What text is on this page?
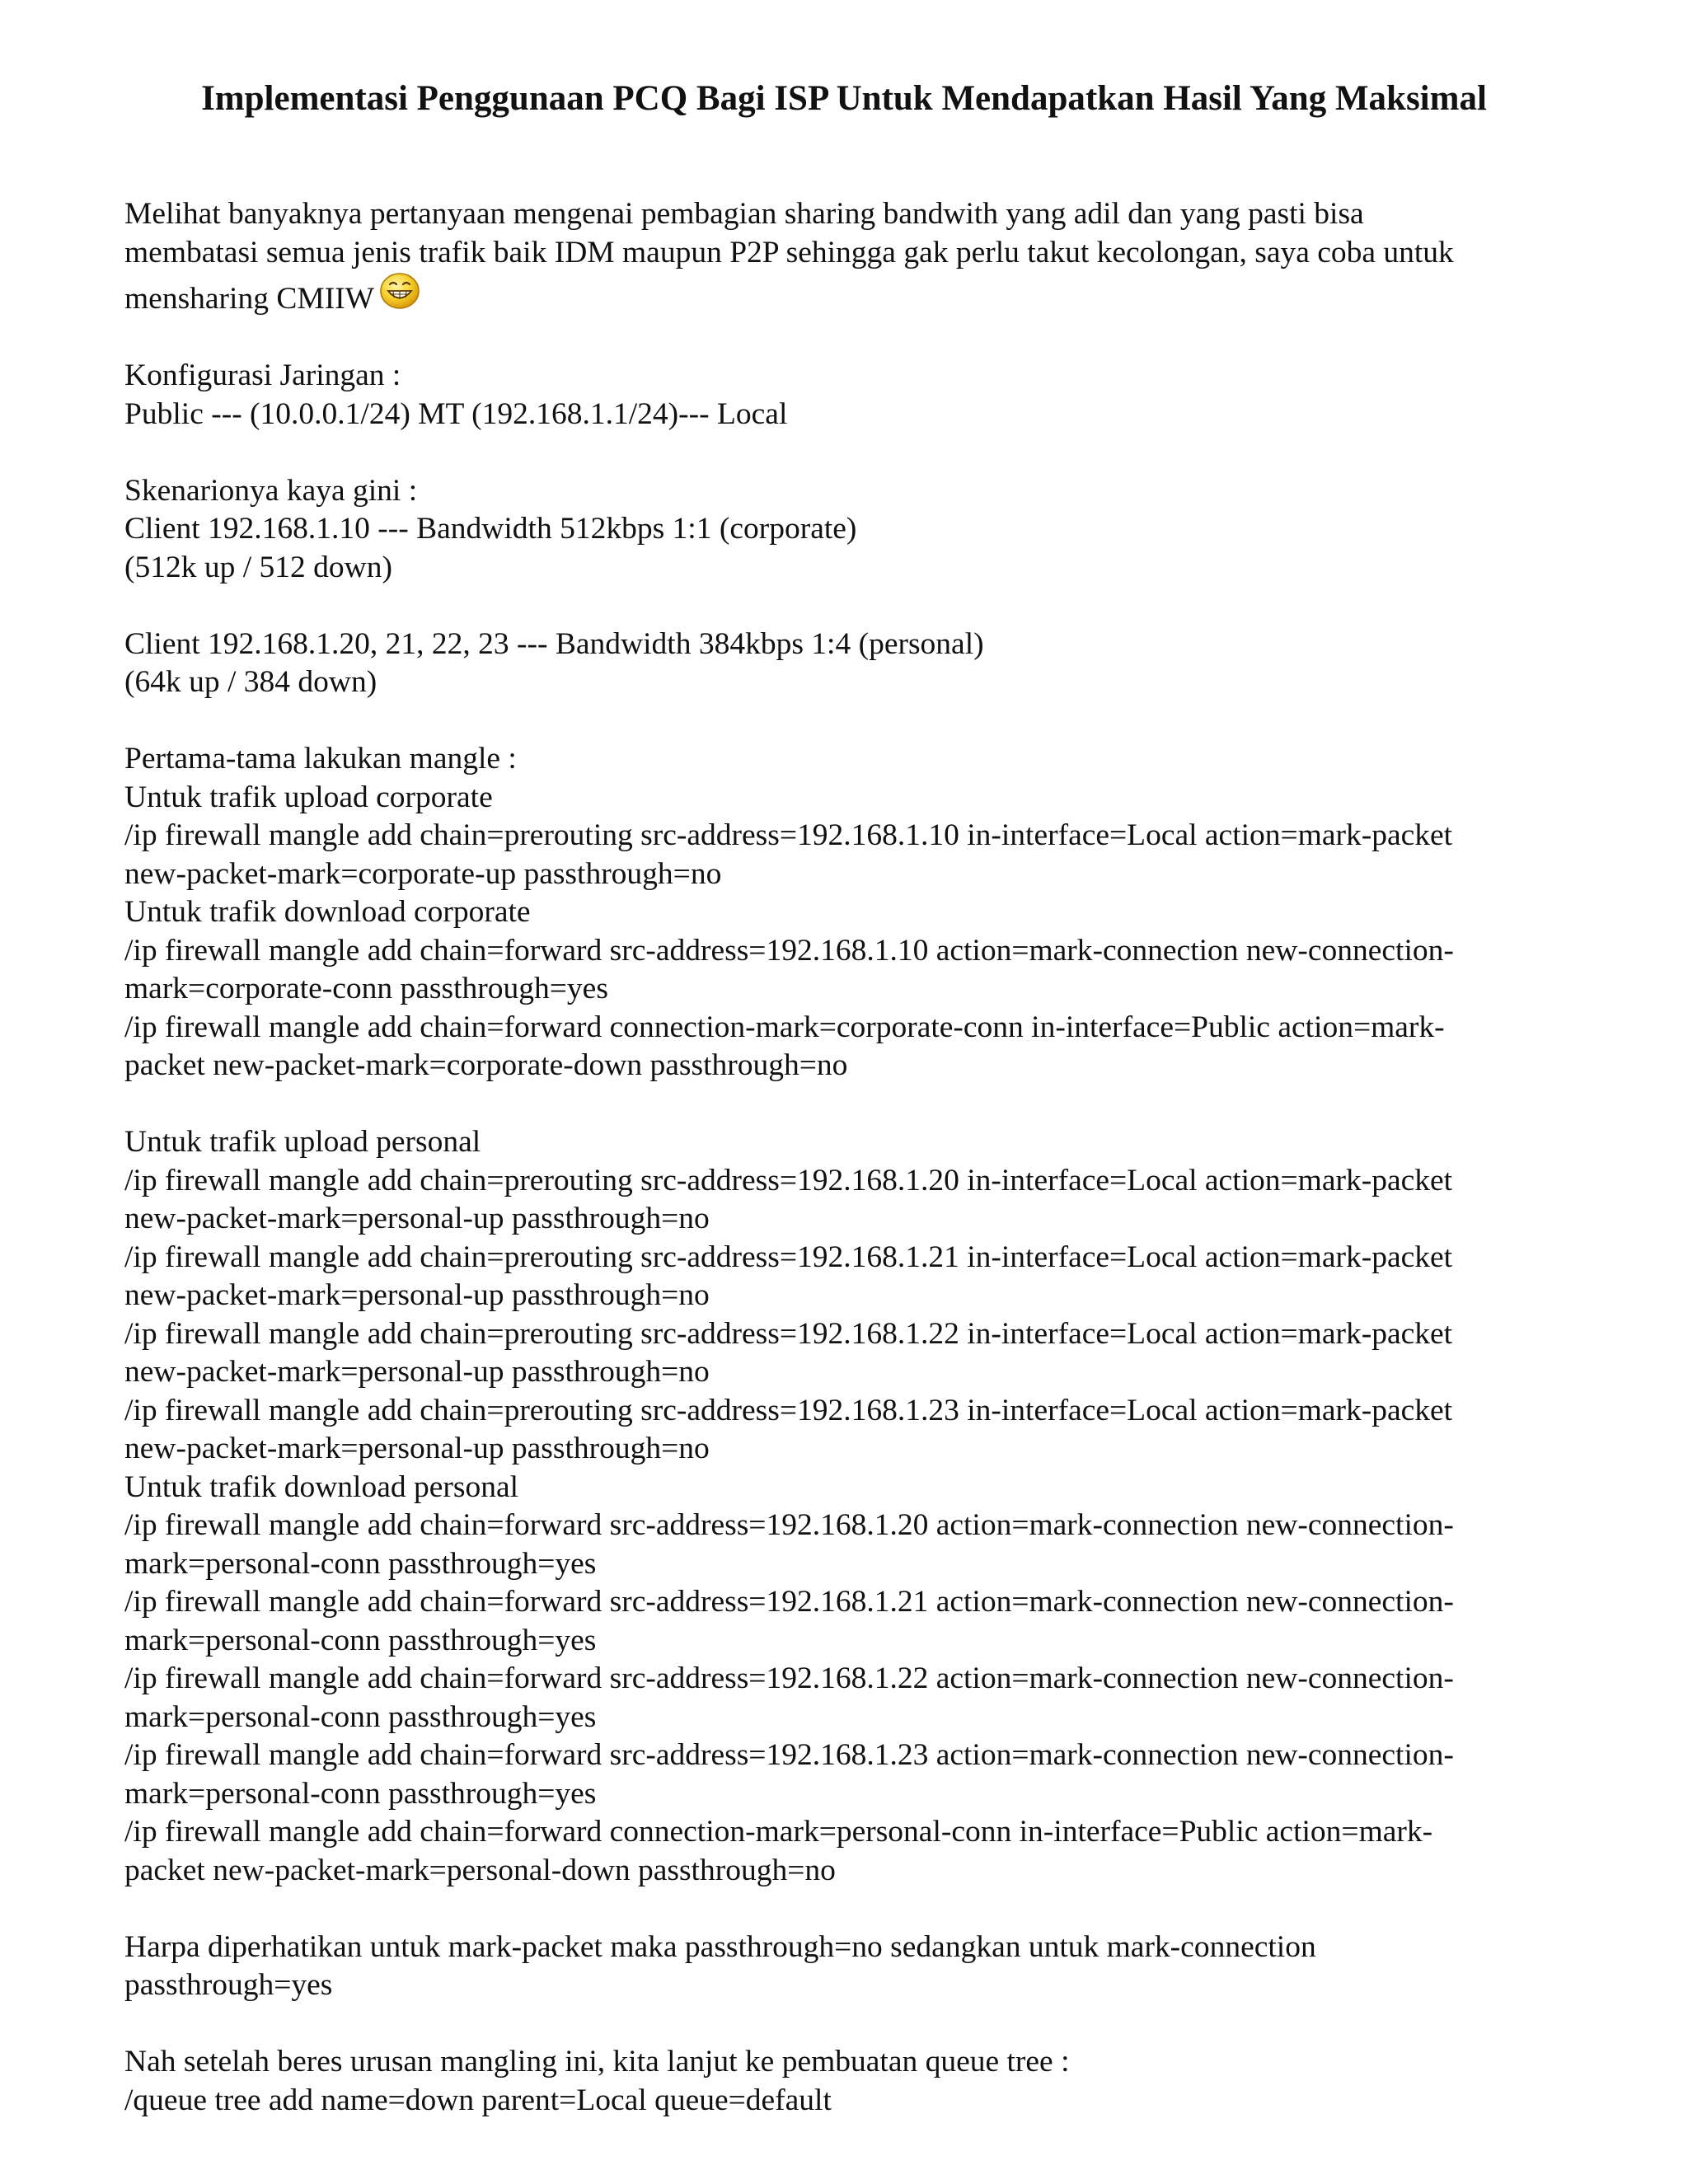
Implementasi Penggunaan PCQ Bagi ISP Untuk Mendapatkan Hasil Yang Maksimal

Melihat banyaknya pertanyaan mengenai pembagian sharing bandwith yang adil dan yang pasti bisa
membatasi semua jenis trafik baik IDM maupun P2P sehingga gak perlu takut kecolongan, saya coba untuk
mensharing CMIIW

Konfigurasi Jaringan :
Public --- (10.0.0.1/24) MT (192.168.1.1/24)--- Local

Skenarionya kaya gini :
Client 192.168.1.10 --- Bandwidth 512kbps 1:1 (corporate)
(512k up / 512 down)

Client 192.168.1.20, 21, 22, 23 --- Bandwidth 384kbps 1:4 (personal)
(64k up / 384 down)

Pertama-tama lakukan mangle :
Untuk trafik upload corporate
/ip firewall mangle add chain=prerouting src-address=192.168.1.10 in-interface=Local action=mark-packet
new-packet-mark=corporate-up passthrough=no
Untuk trafik download corporate
/ip firewall mangle add chain=forward src-address=192.168.1.10 action=mark-connection new-connection-
mark=corporate-conn passthrough=yes
/ip firewall mangle add chain=forward connection-mark=corporate-conn in-interface=Public action=mark-
packet new-packet-mark=corporate-down passthrough=no

Untuk trafik upload personal
/ip firewall mangle add chain=prerouting src-address=192.168.1.20 in-interface=Local action=mark-packet
new-packet-mark=personal-up passthrough=no
/ip firewall mangle add chain=prerouting src-address=192.168.1.21 in-interface=Local action=mark-packet
new-packet-mark=personal-up passthrough=no
/ip firewall mangle add chain=prerouting src-address=192.168.1.22 in-interface=Local action=mark-packet
new-packet-mark=personal-up passthrough=no
/ip firewall mangle add chain=prerouting src-address=192.168.1.23 in-interface=Local action=mark-packet
new-packet-mark=personal-up passthrough=no
Untuk trafik download personal
/ip firewall mangle add chain=forward src-address=192.168.1.20 action=mark-connection new-connection-
mark=personal-conn passthrough=yes
/ip firewall mangle add chain=forward src-address=192.168.1.21 action=mark-connection new-connection-
mark=personal-conn passthrough=yes
/ip firewall mangle add chain=forward src-address=192.168.1.22 action=mark-connection new-connection-
mark=personal-conn passthrough=yes
/ip firewall mangle add chain=forward src-address=192.168.1.23 action=mark-connection new-connection-
mark=personal-conn passthrough=yes
/ip firewall mangle add chain=forward connection-mark=personal-conn in-interface=Public action=mark-
packet new-packet-mark=personal-down passthrough=no

Harpa diperhatikan untuk mark-packet maka passthrough=no sedangkan untuk mark-connection
passthrough=yes

Nah setelah beres urusan mangling ini, kita lanjut ke pembuatan queue tree :
/queue tree add name=down parent=Local queue=default
